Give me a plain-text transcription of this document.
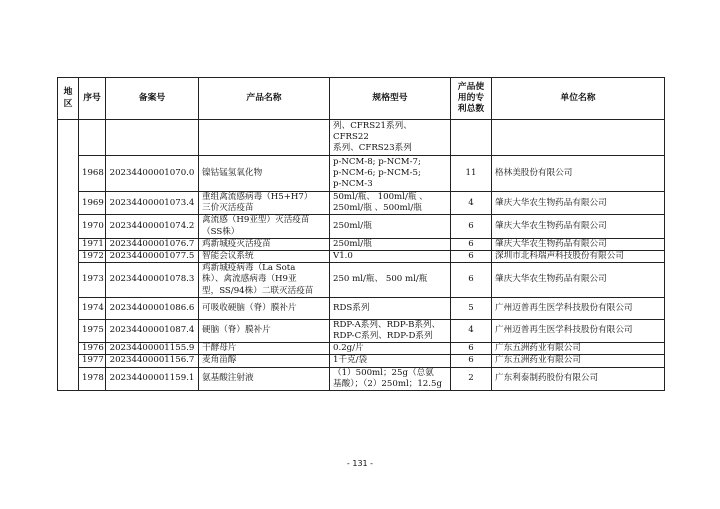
地
区	序号	备案号	产品名称	规格型号	产品使
用的专
利总数	单位名称
				列、CFRS21系列、CFRS22
系列、CFRS23系列		
	1968	20234400001070.0	镍钴锰氢氧化物	p-NCM-8; p-NCM-7;
p-NCM-6; p-NCM-5;
p-NCM-3	11	格林美股份有限公司
	1969	20234400001073.4	重组禽流感病毒（H5+H7）
三价灭活疫苗	50ml/瓶、 100ml/瓶 、
250ml/瓶 、500ml/瓶	4	肇庆大华农生物药品有限公司
	1970	20234400001074.2	禽流感（H9亚型）灭活疫苗
（SS株）	250ml/瓶	6	肇庆大华农生物药品有限公司
	1971	20234400001076.7	鸡新城疫灭活疫苗	250ml/瓶	6	肇庆大华农生物药品有限公司
	1972	20234400001077.5	智能会议系统	V1.0	6	深圳市北科瑞声科技股份有限公司
	1973	20234400001078.3	鸡新城疫病毒（La Sota
株）、禽流感病毒（H9亚
型，SS/94株）二联灭活疫苗	250 ml/瓶、 500 ml/瓶	6	肇庆大华农生物药品有限公司
	1974	20234400001086.6	可吸收硬脑（脊）膜补片	RDS系列	5	广州迈普再生医学科技股份有限公司
	1975	20234400001087.4	硬脑（脊）膜补片	RDP-A系列、RDP-B系列、
RDP-C系列、RDP-D系列	4	广州迈普再生医学科技股份有限公司
	1976	20234400001155.9	干酵母片	0.2g/片	6	广东五洲药业有限公司
	1977	20234400001156.7	麦角甾醇	1千克/袋	6	广东五洲药业有限公司
	1978	20234400001159.1	氨基酸注射液	（1）500ml；25g（总氨
基酸）；（2）250ml；12.5g	2	广东利泰制药股份有限公司
- 131 -
